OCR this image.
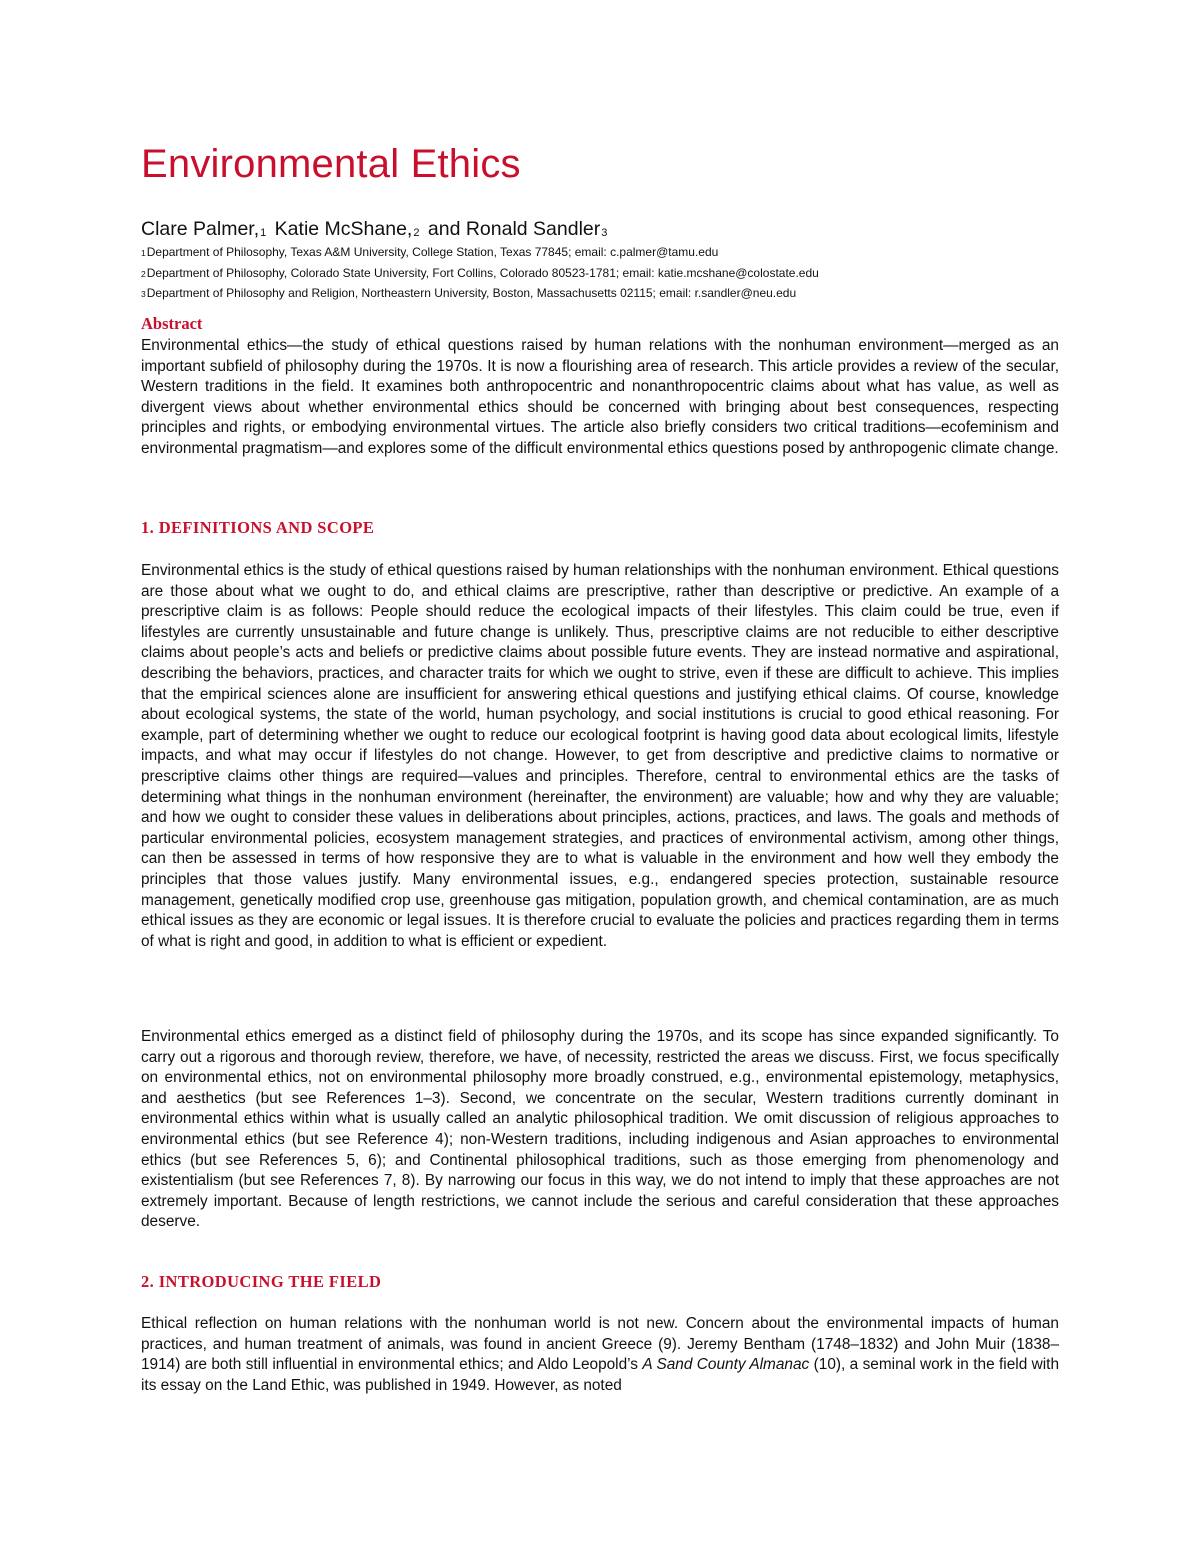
Environmental Ethics
Clare $Palmer,_1$ Katie $McShane,_2$ and Ronald Sandler$_3$
1Department of Philosophy, Texas A&M University, College Station, Texas 77845; email: c.palmer@tamu.edu
2Department of Philosophy, Colorado State University, Fort Collins, Colorado 80523-1781; email: katie.mcshane@colostate.edu
3Department of Philosophy and Religion, Northeastern University, Boston, Massachusetts 02115; email: r.sandler@neu.edu
Abstract

Environmental ethics—the study of ethical questions raised by human relations with the nonhuman environment—merged as an important subfield of philosophy during the 1970s. It is now a flourishing area of research. This article provides a review of the secular, Western traditions in the field. It examines both anthropocentric and nonanthropocentric claims about what has value, as well as divergent views about whether environmental ethics should be concerned with bringing about best consequences, respecting principles and rights, or embodying environmental virtues. The article also briefly considers two critical traditions—ecofeminism and environmental pragmatism—and explores some of the difficult environmental ethics questions posed by anthropogenic climate change.

1. DEFINITIONS AND SCOPE

Environmental ethics is the study of ethical questions raised by human relationships with the nonhuman environment. Ethical questions are those about what we ought to do, and ethical claims are prescriptive, rather than descriptive or predictive. An example of a prescriptive claim is as follows: People should reduce the ecological impacts of their lifestyles. This claim could be true, even if lifestyles are currently unsustainable and future change is unlikely. Thus, prescriptive claims are not reducible to either descriptive claims about people’s acts and beliefs or predictive claims about possible future events. They are instead normative and aspirational, describing the behaviors, practices, and character traits for which we ought to strive, even if these are difficult to achieve. This implies that the empirical sciences alone are insufficient for answering ethical questions and justifying ethical claims. Of course, knowledge about ecological systems, the state of the world, human psychology, and social institutions is crucial to good ethical reasoning. For example, part of determining whether we ought to reduce our ecological footprint is having good data about ecological limits, lifestyle impacts, and what may occur if lifestyles do not change. However, to get from descriptive and predictive claims to normative or prescriptive claims other things are required—values and principles. Therefore, central to environmental ethics are the tasks of determining what things in the nonhuman environment (hereinafter, the environment) are valuable; how and why they are valuable; and how we ought to consider these values in deliberations about principles, actions, practices, and laws. The goals and methods of particular environmental policies, ecosystem management strategies, and practices of environmental activism, among other things, can then be assessed in terms of how responsive they are to what is valuable in the environment and how well they embody the principles that those values justify. Many environmental issues, e.g., endangered species protection, sustainable resource management, genetically modified crop use, greenhouse gas mitigation, population growth, and chemical contamination, are as much ethical issues as they are economic or legal issues. It is therefore crucial to evaluate the policies and practices regarding them in terms of what is right and good, in addition to what is efficient or expedient.

Environmental ethics emerged as a distinct field of philosophy during the 1970s, and its scope has since expanded significantly. To carry out a rigorous and thorough review, therefore, we have, of necessity, restricted the areas we discuss. First, we focus specifically on environmental ethics, not on environmental philosophy more broadly construed, e.g., environmental epistemology, metaphysics, and aesthetics (but see References 1–3). Second, we concentrate on the secular, Western traditions currently dominant in environmental ethics within what is usually called an analytic philosophical tradition. We omit discussion of religious approaches to environmental ethics (but see Reference 4); non-Western traditions, including indigenous and Asian approaches to environmental ethics (but see References 5, 6); and Continental philosophical traditions, such as those emerging from phenomenology and existentialism (but see References 7, 8). By narrowing our focus in this way, we do not intend to imply that these approaches are not extremely important. Because of length restrictions, we cannot include the serious and careful consideration that these approaches deserve.

2. INTRODUCING THE FIELD

Ethical reflection on human relations with the nonhuman world is not new. Concern about the environmental impacts of human practices, and human treatment of animals, was found in ancient Greece (9). Jeremy Bentham (1748–1832) and John Muir (1838–1914) are both still influential in environmental ethics; and Aldo Leopold’s A Sand County Almanac (10), a seminal work in the field with its essay on the Land Ethic, was published in 1949. However, as noted
